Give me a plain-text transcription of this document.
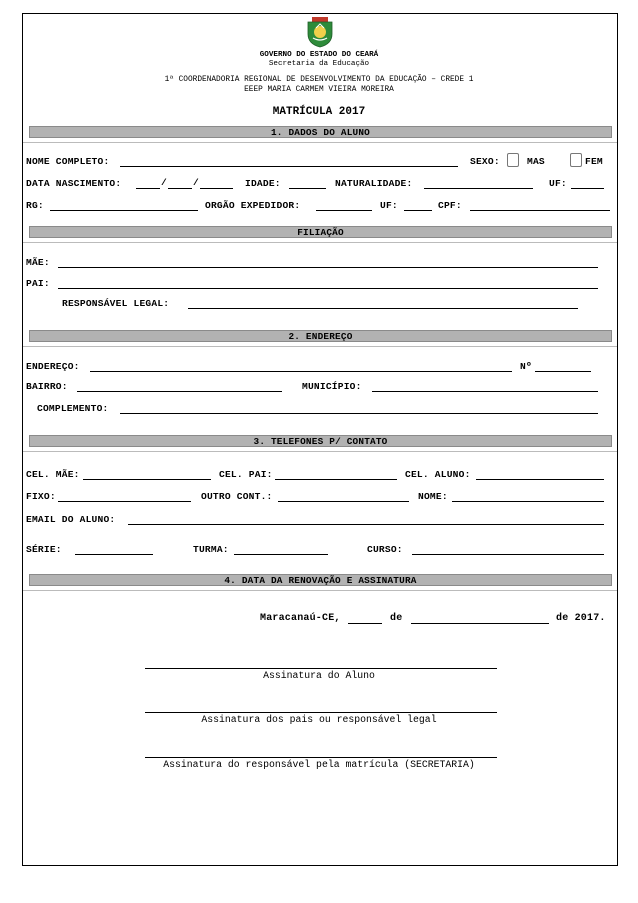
GOVERNO DO ESTADO DO CEARÁ
Secretaria da Educação
1ª COORDENADORIA REGIONAL DE DESENVOLVIMENTO DA EDUCAÇÃO – CREDE 1
EEEP MARIA CARMEM VIEIRA MOREIRA
MATRÍCULA 2017
1. DADOS DO ALUNO
NOME COMPLETO:	SEXO:	MAS	FEM
DATA NASCIMENTO:	/	/	IDADE:	NATURALIDADE:	UF:
RG:	ORGÃO EXPEDIDOR:	UF:	CPF:
FILIAÇÃO
MÃE:
PAI:
RESPONSÁVEL LEGAL:
2. ENDEREÇO
ENDEREÇO:	Nº
BAIRRO:	MUNICÍPIO:
COMPLEMENTO:
3. TELEFONES P/ CONTATO
CEL. MÃE:	CEL. PAI:	CEL. ALUNO:
FIXO:	OUTRO CONT.:	NOME:
EMAIL DO ALUNO:
SÉRIE:	TURMA:	CURSO:
4. DATA DA RENOVAÇÃO E ASSINATURA
Maracanaú-CE,	de	de 2017.
Assinatura do Aluno
Assinatura dos pais ou responsável legal
Assinatura do responsável pela matrícula (SECRETARIA)
